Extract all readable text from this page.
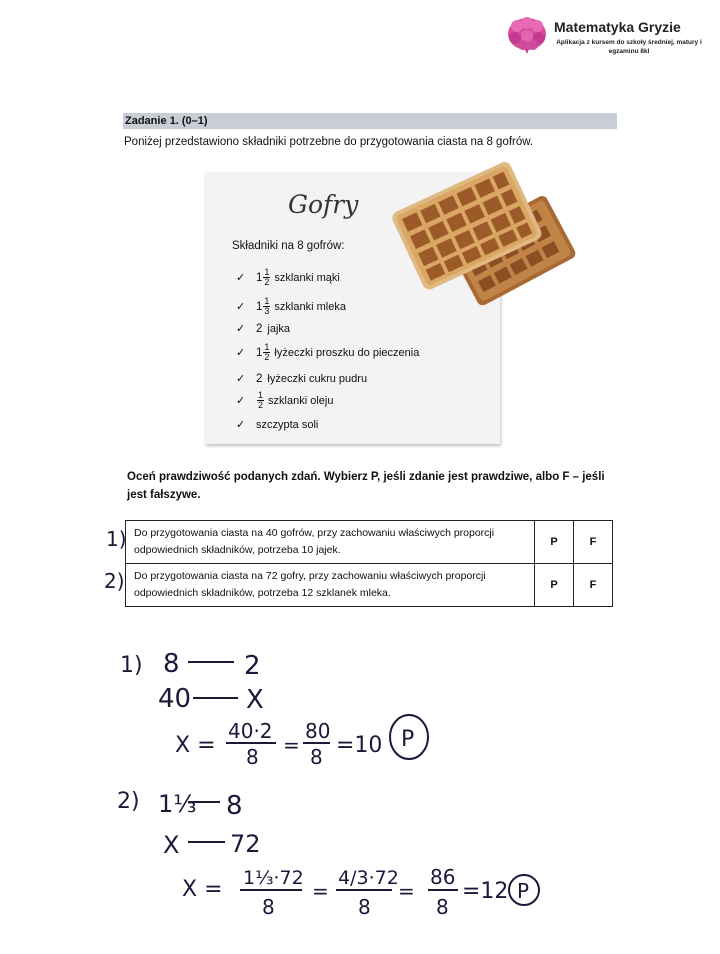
Matematyka Gryzie
Aplikacja z kursem do szkoły średniej, matury i egzaminu 8kl
Zadanie 1. (0–1)
Poniżej przedstawiono składniki potrzebne do przygotowania ciasta na 8 gofrów.
Gofry
Składniki na 8 gofrów:
✓ $1 \frac{1}{2}$ szklanki mąki
✓ $1 \frac{1}{3}$ szklanki mleka
✓ 2 jajka
✓ $1 \frac{1}{2}$ łyżeczki proszku do pieczenia
✓ 2 łyżeczki cukru pudru
✓	$\frac{1}{2}$ szklanki oleju
✓ szczypta soli
Oceń prawdziwość podanych zdań. Wybierz P, jeśli zdanie jest prawdziwe, albo F – jeśli jest fałszywe.
Do przygotowania ciasta na 40 gofrów, przy zachowaniu właściwych proporcji odpowiednich składników, potrzeba 10 jajek.	P	F
Do przygotowania ciasta na 72 gofry, przy zachowaniu właściwych proporcji odpowiednich składników, potrzeba 12 szklanek mleka.	P	F
1)
2)
1) 8 2
40 X
X =
40·2
8 =
80
8 =10 P
2) 1⅓ 8
X 72
X = 1⅓·72
8
=
4/3·72
8
=
86
8
=12 P
